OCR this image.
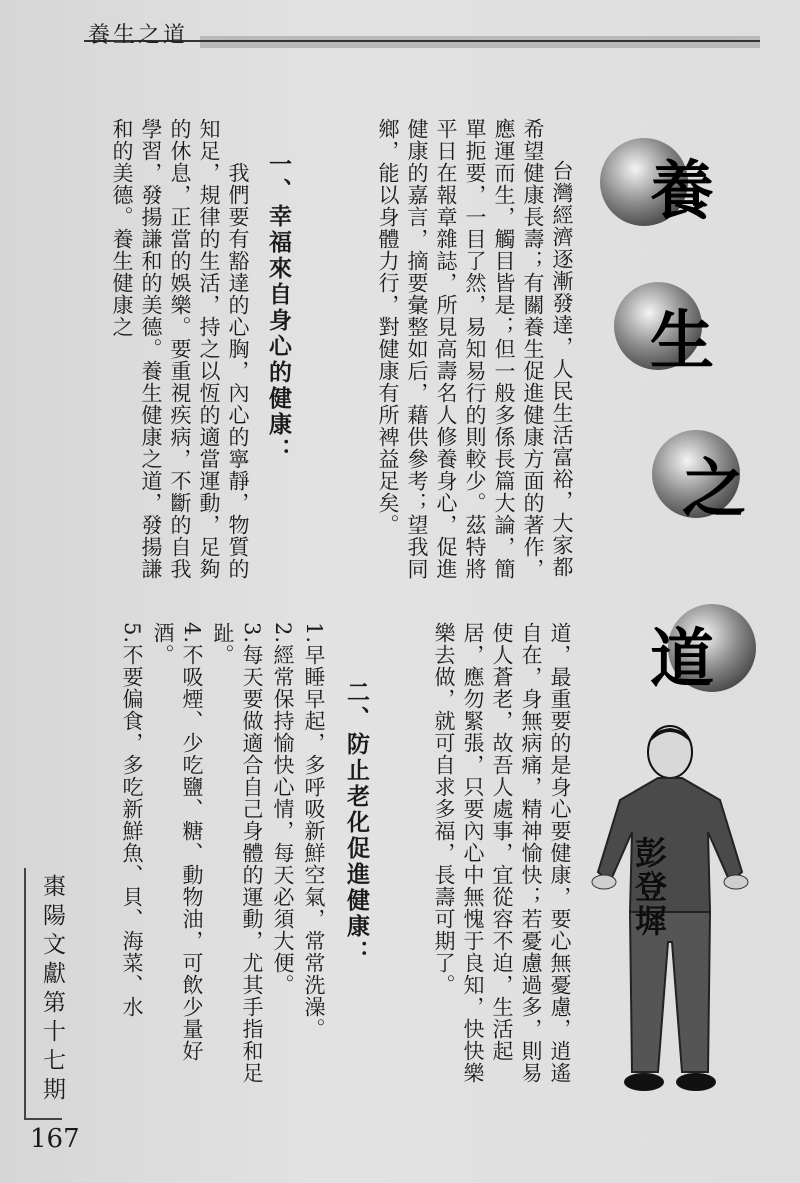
養生之道
台灣經濟逐漸發達，人民生活富裕，大家都希望健康長壽；有關養生促進健康方面的著作，應運而生，觸目皆是；但一般多係長篇大論，簡單扼要，一目了然，易知易行的則較少。茲特將平日在報章雜誌，所見高壽名人修養身心，促進健康的嘉言，摘要彙整如后，藉供參考；望我同鄉，能以身體力行，對健康有所裨益足矣。
一、幸福來自身心的健康：
　　我們要有豁達的心胸，內心的寧靜，物質的知足，規律的生活，持之以恆的適當運動，足夠的休息，正當的娛樂。要重視疾病，不斷的自我學習，發揚謙和的美德。養生健康之道，發揚謙和的美德。養生健康之
道，最重要的是身心要健康，要心無憂慮，逍遙自在，身無病痛，精神愉快；若憂慮過多，則易使人蒼老，故吾人處事，宜從容不迫，生活起居，應勿緊張，只要內心中無愧于良知，快快樂樂去做，就可自求多福，長壽可期了。
二、防止老化促進健康：
1.早睡早起，多呼吸新鮮空氣，常常洗澡。
2.經常保持愉快心情，每天必須大便。
3.每天要做適合自己身體的運動，尤其手指和足趾。
4.不吸煙、少吃鹽、糖、動物油，可飲少量好酒。
5.不要偏食，多吃新鮮魚、貝、海菜、水
養
生
之
道
彭登墀
棗陽文獻第十七期
167
